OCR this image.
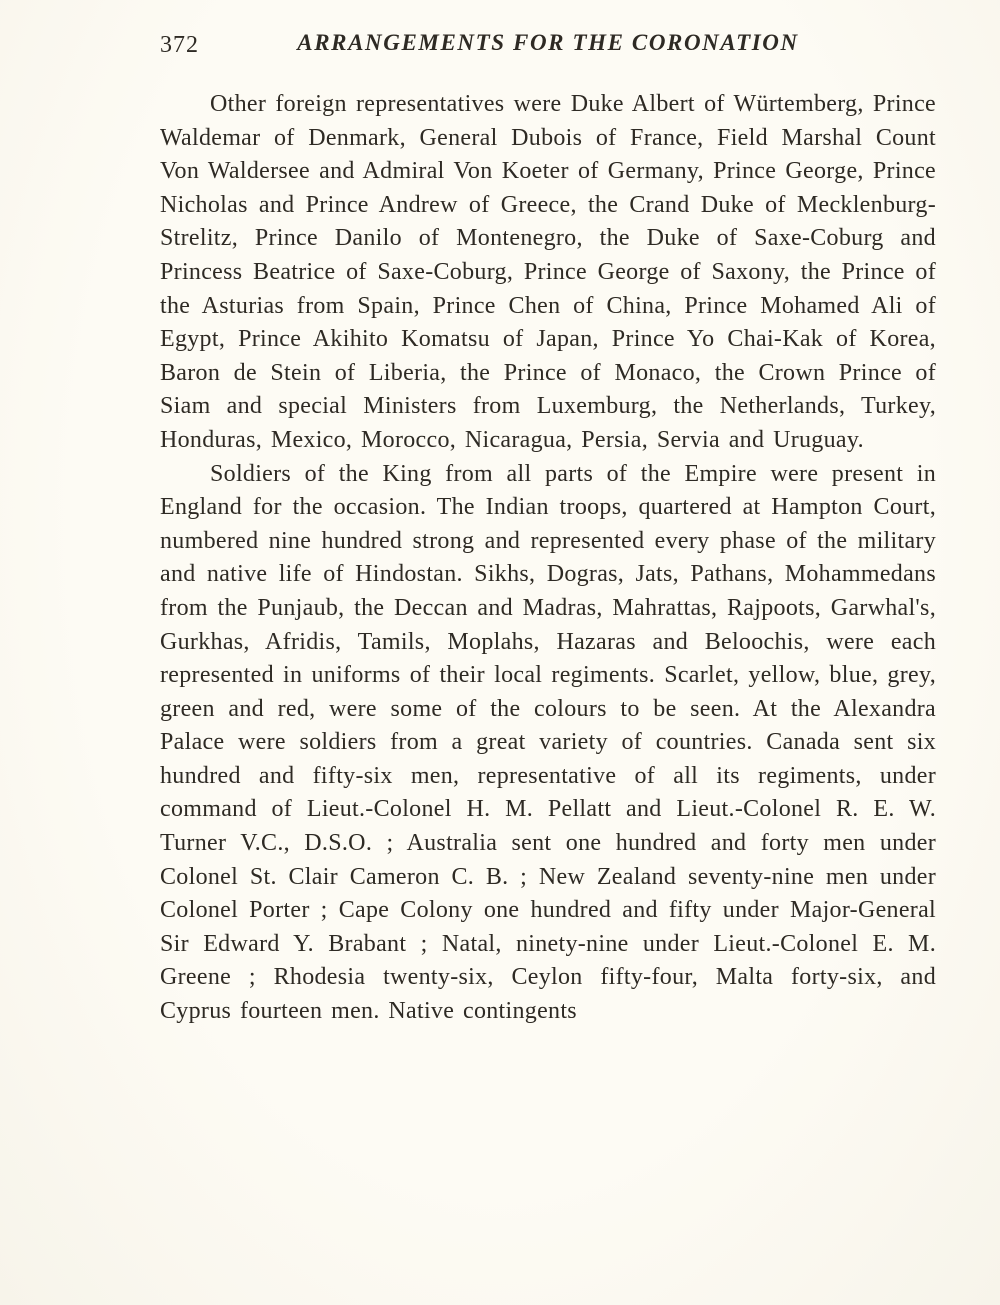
372	ARRANGEMENTS FOR THE CORONATION

Other foreign representatives were Duke Albert of Würtemberg, Prince Waldemar of Denmark, General Dubois of France, Field Marshal Count Von Waldersee and Admiral Von Koeter of Germany, Prince George, Prince Nicholas and Prince Andrew of Greece, the Crand Duke of Mecklenburg-Strelitz, Prince Danilo of Montenegro, the Duke of Saxe-Coburg and Princess Beatrice of Saxe-Coburg, Prince George of Saxony, the Prince of the Asturias from Spain, Prince Chen of China, Prince Mohamed Ali of Egypt, Prince Akihito Komatsu of Japan, Prince Yo Chai-Kak of Korea, Baron de Stein of Liberia, the Prince of Monaco, the Crown Prince of Siam and special Ministers from Luxemburg, the Netherlands, Turkey, Honduras, Mexico, Morocco, Nicaragua, Persia, Servia and Uruguay.

Soldiers of the King from all parts of the Empire were present in England for the occasion. The Indian troops, quartered at Hampton Court, numbered nine hundred strong and represented every phase of the military and native life of Hindostan. Sikhs, Dogras, Jats, Pathans, Mohammedans from the Punjaub, the Deccan and Madras, Mahrattas, Rajpoots, Garwhal's, Gurkhas, Afridis, Tamils, Moplahs, Hazaras and Beloochis, were each represented in uniforms of their local regiments. Scarlet, yellow, blue, grey, green and red, were some of the colours to be seen. At the Alexandra Palace were soldiers from a great variety of countries. Canada sent six hundred and fifty-six men, representative of all its regiments, under command of Lieut.-Colonel H. M. Pellatt and Lieut.-Colonel R. E. W. Turner V.C., D.S.O. ; Australia sent one hundred and forty men under Colonel St. Clair Cameron C. B. ; New Zealand seventy-nine men under Colonel Porter ; Cape Colony one hundred and fifty under Major-General Sir Edward Y. Brabant ; Natal, ninety-nine under Lieut.-Colonel E. M. Greene ; Rhodesia twenty-six, Ceylon fifty-four, Malta forty-six, and Cyprus fourteen men. Native contingents
